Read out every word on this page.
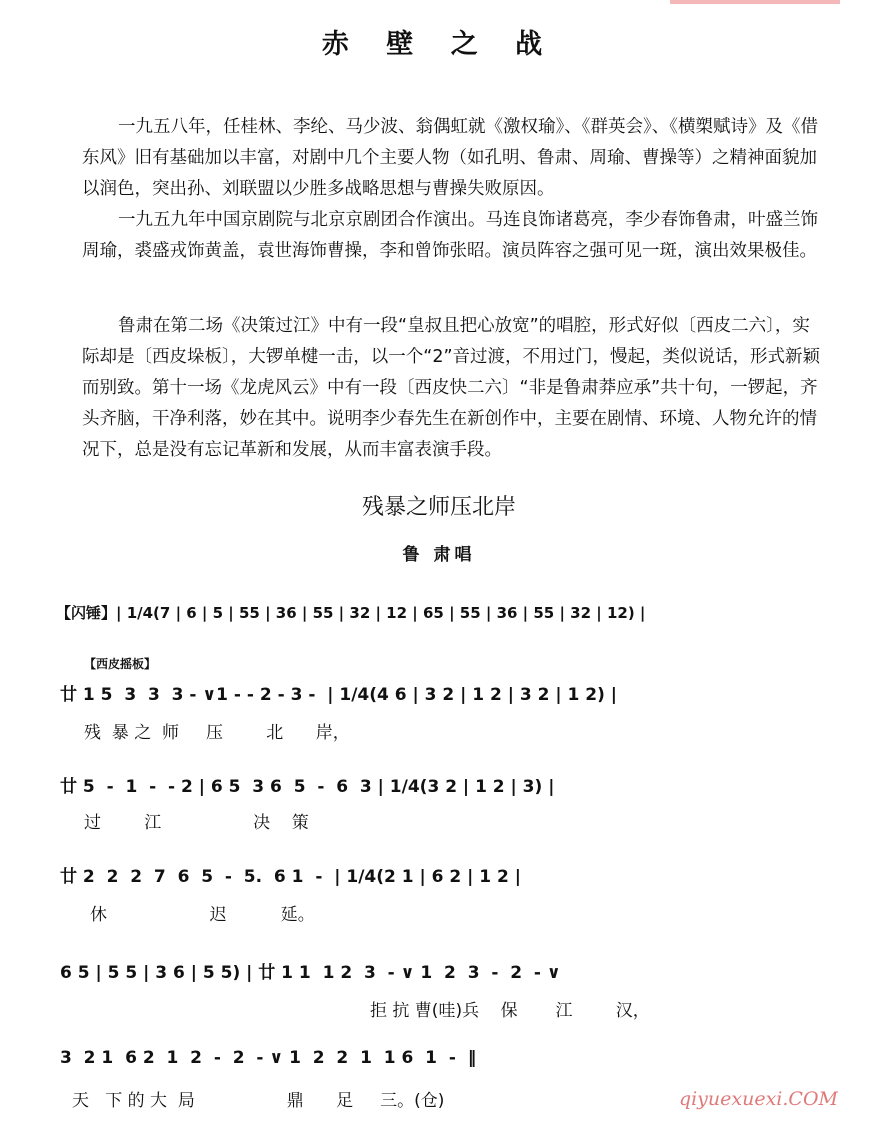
赤 壁 之 战
一九五八年，任桂林、李纶、马少波、翁偶虹就《激权瑜》、《群英会》、《横槊赋诗》及《借东风》旧有基础加以丰富，对剧中几个主要人物（如孔明、鲁肃、周瑜、曹操等）之精神面貌加以润色，突出孙、刘联盟以少胜多战略思想与曹操失败原因。
一九五九年中国京剧院与北京京剧团合作演出。马连良饰诸葛亮，李少春饰鲁肃，叶盛兰饰周瑜，裘盛戎饰黄盖，袁世海饰曹操，李和曾饰张昭。演员阵容之强可见一斑，演出效果极佳。
鲁肃在第二场《决策过江》中有一段“皇叔且把心放宽”的唱腔，形式好似〔西皮二六〕，实际却是〔西皮垛板〕，大锣单楗一击，以一个“2”音过渡，不用过门，慢起，类似说话，形式新颖而别致。第十一场《龙虎风云》中有一段〔西皮快二六〕“非是鲁肃莽应承”共十句，一锣起，齐头齐脑，干净利落，妙在其中。说明李少春先生在新创作中，主要在剧情、环境、人物允许的情况下，总是没有忘记革新和发展，从而丰富表演手段。
残暴之师压北岸
鲁 肃唱
【闪锤】| 1/4(7 | 6 | 5 | 55 | 36 | 55 | 32 | 12 | 65 | 55 | 36 | 55 | 32 | 12) |
【西皮摇板】
廿 1 5  3  3  3 - ∨1 - - 2 - 3 -  | 1/4(4 6 | 3 2 | 1 2 | 3 2 | 1 2) |
残  暴 之  师     压        北      岸，
廿 5  -  1  -  - 2 | 6 5  3 6  5  -  6  3 | 1/4(3 2 | 1 2 | 3) |
过        江                 决    策
廿 2  2  2  7  6  5  -  5.  6 1  -  | 1/4(2 1 | 6 2 | 1 2 |
休                   迟          延。
6 5 | 5 5 | 3 6 | 5 5) | 廿 1 1  1 2  3  - ∨ 1  2  3  -  2  - ∨
拒 抗 曹(哇)兵    保       江        汉，
3  2 1  6 2  1  2  -  2  - ∨ 1  2  2  1  1 6  1  -  ‖
天   下 的 大  局                 鼎      足     三。(仓)	qiyuexuexi.COM
